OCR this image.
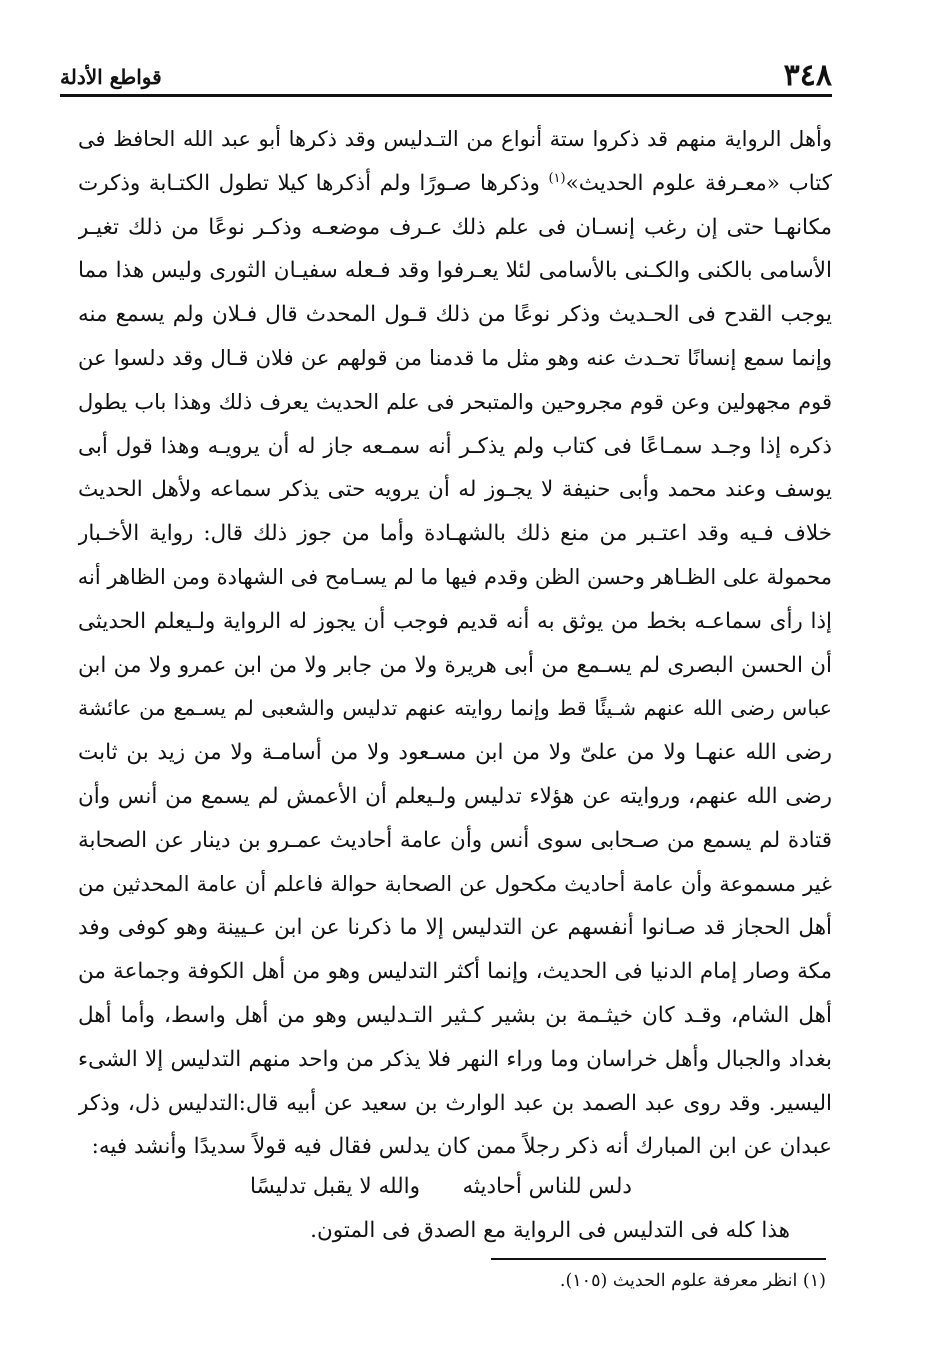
٣٤٨
قواطع الأدلة
وأهل الرواية منهم قد ذكروا ستة أنواع من التـدليس وقد ذكرها أبو عبد الله الحافظ فى
كتاب «معـرفة علوم الحديث»$^{(١)}$ وذكرها صـورًا ولم أذكرها كيلا تطول الكتـابة وذكرت
مكانهـا حتى إن رغب إنسـان فى علم ذلك عـرف موضعـه وذكـر نوعًا من ذلك تغيـر
الأسامى بالكنى والكـنى بالأسامى لئلا يعـرفوا وقد فـعله سفيـان الثورى وليس هذا مما
يوجب القدح فى الحـديث وذكر نوعًا من ذلك قـول المحدث قال فـلان ولم يسمع منه
وإنما سمع إنسانًا تحـدث عنه وهو مثل ما قدمنا من قولهم عن فلان قـال وقد دلسوا عن
قوم مجهولين وعن قوم مجروحين والمتبحر فى علم الحديث يعرف ذلك وهذا باب يطول
ذكره إذا وجـد سمـاعًا فى كتاب ولم يذكـر أنه سمـعه جاز له أن يرويـه وهذا قول أبى
يوسف وعند محمد وأبى حنيفة لا يجـوز له أن يرويه حتى يذكر سماعه ولأهل الحديث
خلاف فـيه وقد اعتـبر من منع ذلك بالشهـادة وأما من جوز ذلك قال: رواية الأخـبار
محمولة على الظـاهر وحسن الظن وقدم فيها ما لم يسـامح فى الشهادة ومن الظاهر أنه
إذا رأى سماعـه بخط من يوثق به أنه قديم فوجب أن يجوز له الرواية ولـيعلم الحديثى
أن الحسن البصرى لم يسـمع من أبى هريرة ولا من جابر ولا من ابن عمرو ولا من ابن
عباس رضى الله عنهم شـيئًا قط وإنما روايته عنهم تدليس والشعبى لم يسـمع من عائشة
رضى الله عنهـا ولا من علىّ ولا من ابن مسـعود ولا من أسامـة ولا من زيد بن ثابت
رضى الله عنهم، وروايته عن هؤلاء تدليس ولـيعلم أن الأعمش لم يسمع من أنس وأن
قتادة لم يسمع من صـحابى سوى أنس وأن عامة أحاديث عمـرو بن دينار عن الصحابة
غير مسموعة وأن عامة أحاديث مكحول عن الصحابة حوالة فاعلم أن عامة المحدثين من
أهل الحجاز قد صـانوا أنفسهم عن التدليس إلا ما ذكرنا عن ابن عـيينة وهو كوفى وفد
مكة وصار إمام الدنيا فى الحديث، وإنما أكثر التدليس وهو من أهل الكوفة وجماعة من
أهل الشام، وقـد كان خيثـمة بن بشير كـثير التـدليس وهو من أهل واسط، وأما أهل
بغداد والجبال وأهل خراسان وما وراء النهر فلا يذكر من واحد منهم التدليس إلا الشىء
اليسير. وقد روى عبد الصمد بن عبد الوارث بن سعيد عن أبيه قال:التدليس ذل، وذكر
عبدان عن ابن المبارك أنه ذكر رجلاً ممن كان يدلس فقال فيه قولاً سديدًا وأنشد فيه:
دلس للناس أحاديثه
والله لا يقبل تدليسًا
هذا كله فى التدليس فى الرواية مع الصدق فى المتون.
(١) انظر معرفة علوم الحديث (١٠٥).
